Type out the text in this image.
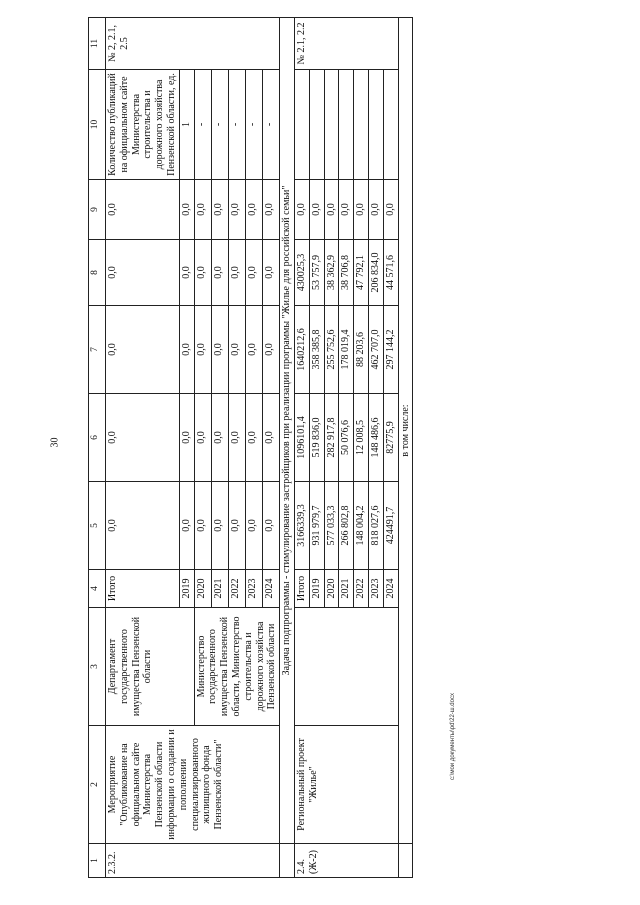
30
c:\мои документы\pd\22-ш.docx
1	2	3	4	5	6	7	8	9	10	11
2.3.2.	Мероприятие "Опубликование на официальном сайте Министерства Пензенской области информации о создании и пополнении специализированного жилищного фонда Пензенской области"	Департамент государственного имущества Пензенской области	Итого	0,0	0,0	0,0	0,0	0,0	Количество публикаций на официальном сайте Министерства строительства и дорожного хозяйства Пензенской области, ед.	№ 2, 2.1, 2.5
			2019	0,0	0,0	0,0	0,0	0,0	1	
		Министерство государственного имущества Пензенской области, Министерство строительства и дорожного хозяйства Пензенской области	2020	0,0	0,0	0,0	0,0	0,0	-	
			2021	0,0	0,0	0,0	0,0	0,0	-	
			2022	0,0	0,0	0,0	0,0	0,0	-	
			2023	0,0	0,0	0,0	0,0	0,0	-	
			2024	0,0	0,0	0,0	0,0	0,0	-	
	Задача подпрограммы - стимулирование застройщиков при реализации программы "Жилье для российской семьи"									
2.4. (Ж-2)	Региональный проект "Жилье"		Итого	3166339,3	1096101,4	1640212,6	430025,3	0,0		№ 2.1, 2.2
			2019	931 979,7	519 836,0	358 385,8	53 757,9	0,0		
			2020	577 033,3	282 917,8	255 752,6	38 362,9	0,0		
			2021	266 802,8	50 076,6	178 019,4	38 706,8	0,0		
			2022	148 004,2	12 008,5	88 203,6	47 792,1	0,0		
			2023	818 027,6	148 486,6	462 707,0	206 834,0	0,0		
			2024	424491,7	82775,9	297 144,2	44 571,6	0,0		
	в том числе:									
